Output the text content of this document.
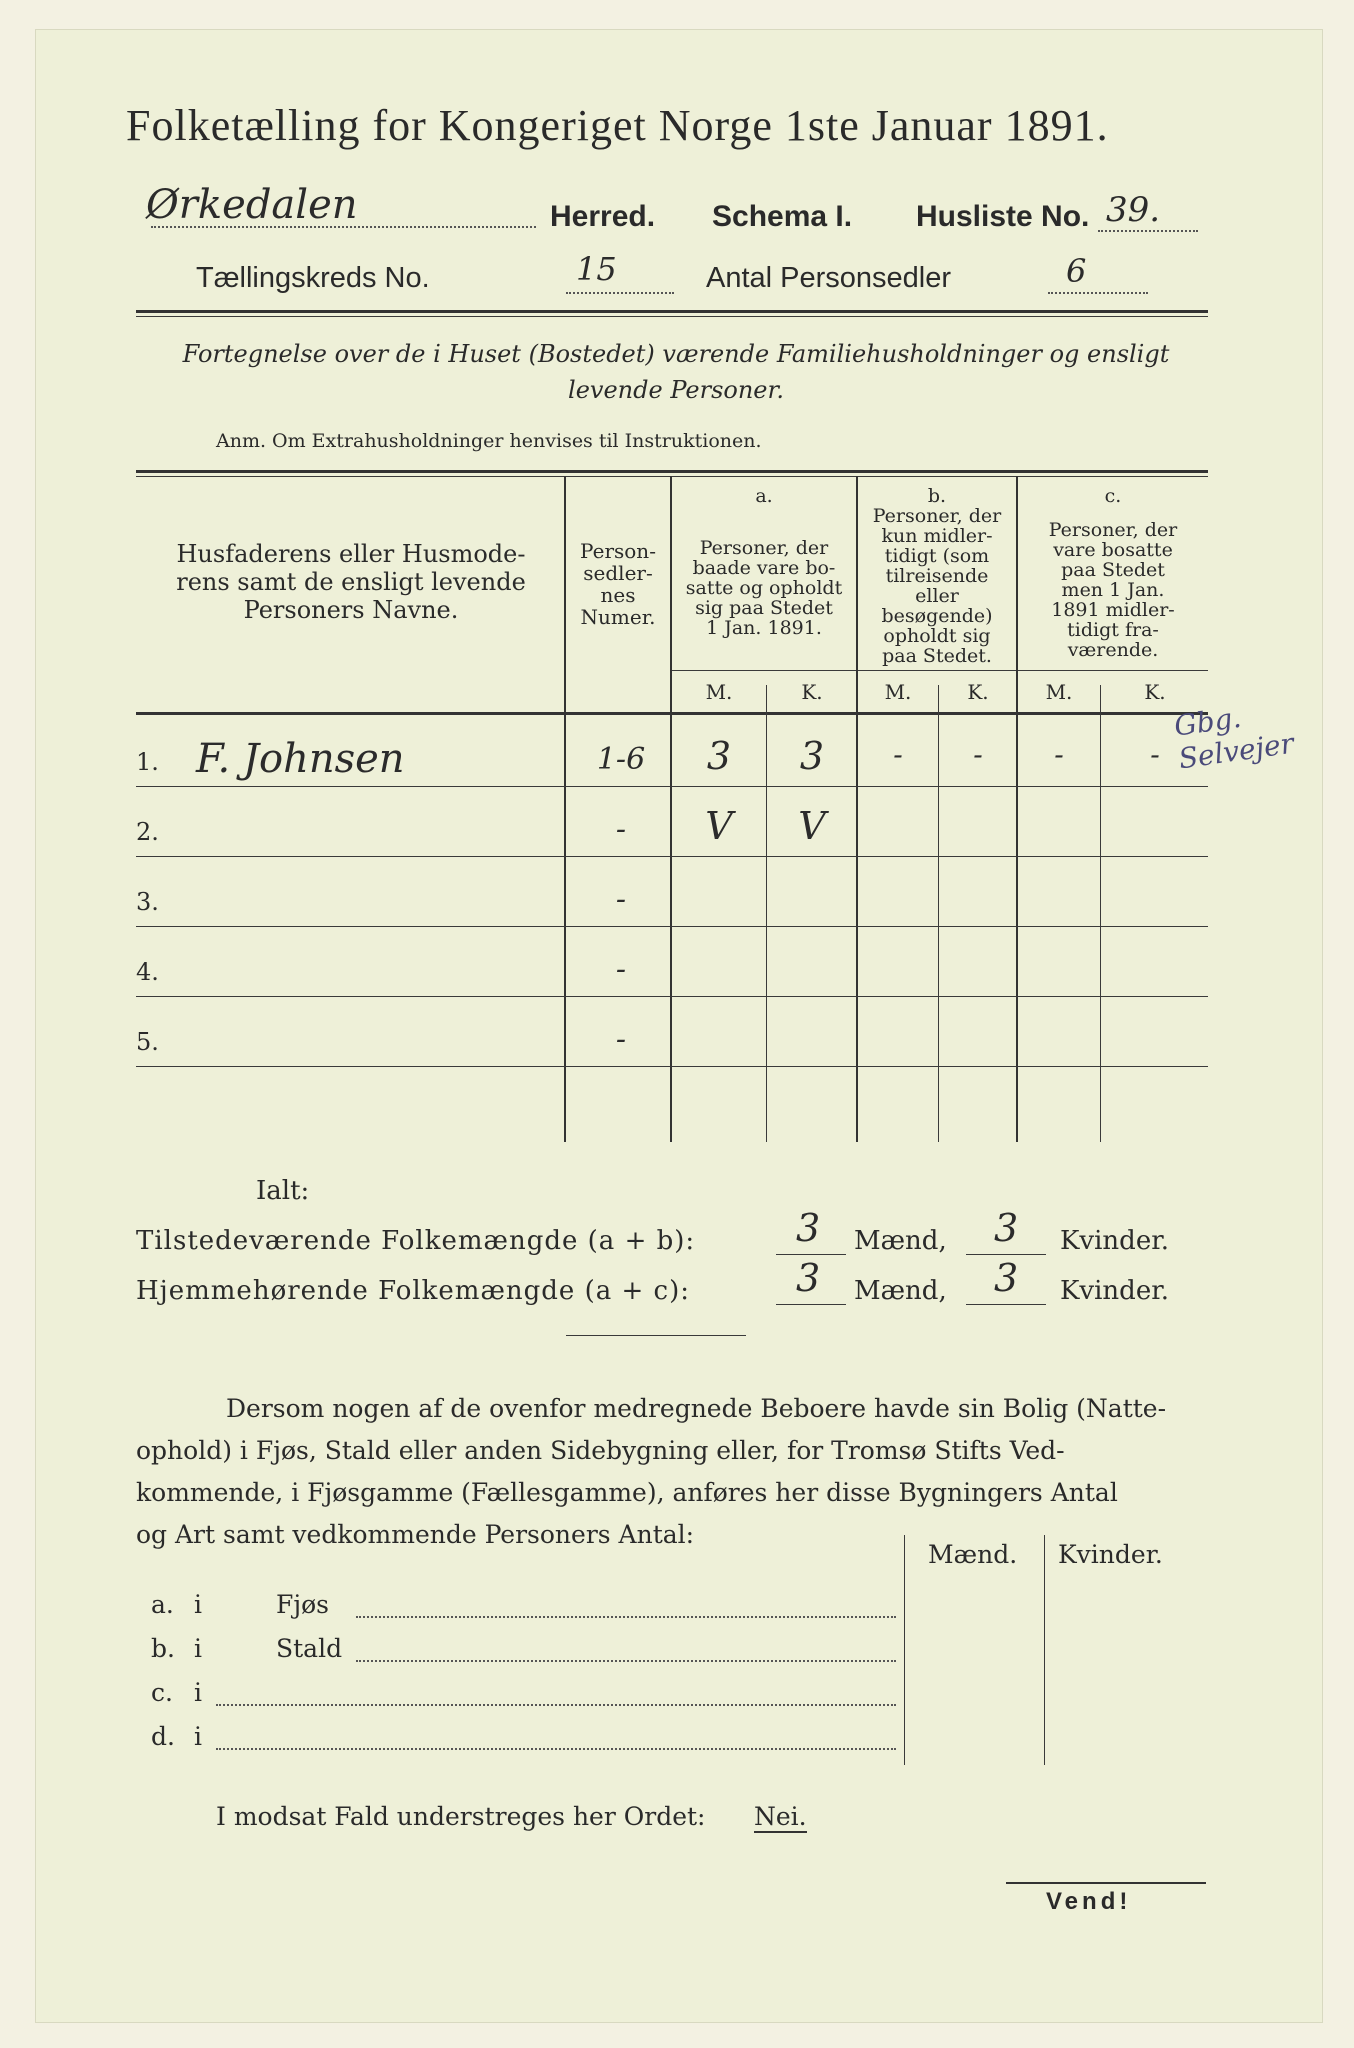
Folketælling for Kongeriget Norge 1ste Januar 1891.
Ørkedalen	Herred. Schema I. Husliste No. 39.
Tællingskreds No.	15	Antal Personsedler	6
Fortegnelse over de i Huset (Bostedet) værende Familiehusholdninger og ensligt
levende Personer.
Anm. Om Extrahusholdninger henvises til Instruktionen.
Husfaderens eller Husmode-
rens samt de ensligt levende
Personers Navne.
Person-
sedler-
nes
Numer.
a.
Personer, der
baade vare bo-
satte og opholdt
sig paa Stedet
1 Jan. 1891.
b.
Personer, der
kun midler-
tidigt (som
tilreisende
eller
besøgende)
opholdt sig
paa Stedet.
c.
Personer, der
vare bosatte
paa Stedet
men 1 Jan.
1891 midler-
tidigt fra-
værende.
M.	K.	M.	K.	M.	K.
Gbg. Selvejer
1. F. Johnsen	1-6	3	3	-	-	-	-
2.	-	V	V
3.	-
4.	-
5.	-
Ialt:
Tilstedeværende Folkemængde (a + b):	3 Mænd, 3 Kvinder.
Hjemmehørende Folkemængde (a + c):	3 Mænd, 3 Kvinder.
Dersom nogen af de ovenfor medregnede Beboere havde sin Bolig (Natte-
ophold) i Fjøs, Stald eller anden Sidebygning eller, for Tromsø Stifts Ved-
kommende, i Fjøsgamme (Fællesgamme), anføres her disse Bygningers Antal
og Art samt vedkommende Personers Antal:
Mænd. Kvinder.
a. i	Fjøs
b. i	Stald
c. i
d. i
I modsat Fald understreges her Ordet: Nei.
Vend!
